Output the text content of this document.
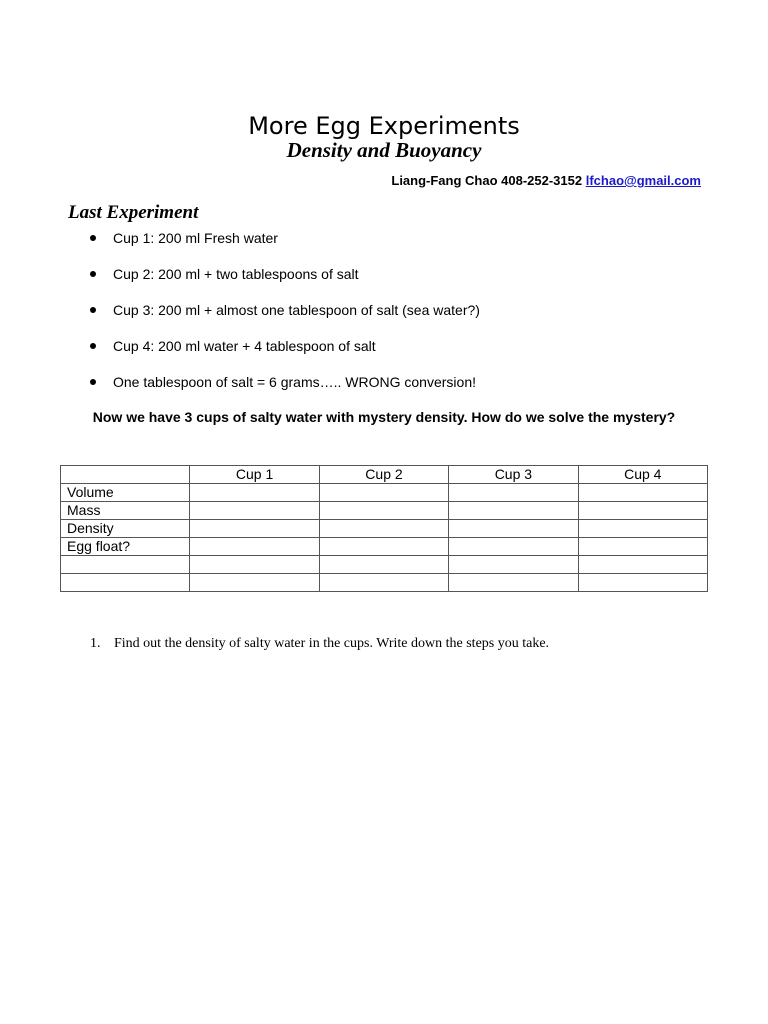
More Egg Experiments
Density and Buoyancy
Liang-Fang Chao 408-252-3152 lfchao@gmail.com
Last Experiment
Cup 1: 200 ml Fresh water
Cup 2: 200 ml + two tablespoons of salt
Cup 3: 200 ml + almost one tablespoon of salt (sea water?)
Cup 4: 200 ml water + 4 tablespoon of salt
One tablespoon of salt = 6 grams….. WRONG conversion!
Now we have 3 cups of salty water with mystery density. How do we solve the mystery?
	Cup 1	Cup 2	Cup 3	Cup 4
Volume				
Mass				
Density				
Egg float?				

1. Find out the density of salty water in the cups. Write down the steps you take.
